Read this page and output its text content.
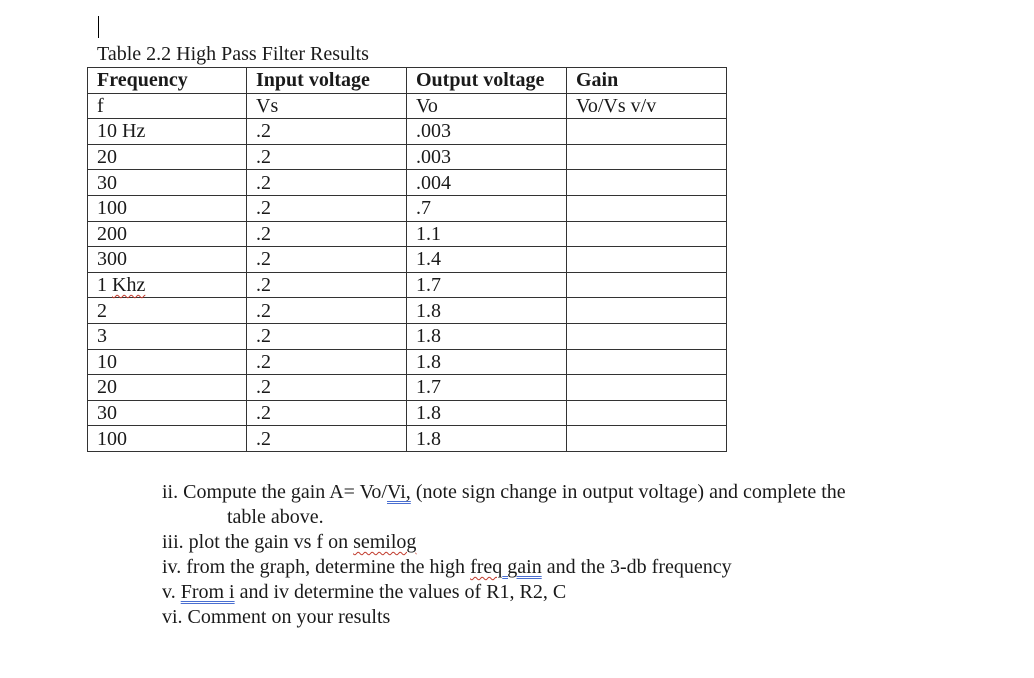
Table 2.2 High Pass Filter Results
Frequency	Input voltage	Output voltage	Gain
f	Vs	Vo	Vo/Vs v/v
10 Hz	.2	.003	
20	.2	.003	
30	.2	.004	
100	.2	.7	
200	.2	1.1	
300	.2	1.4	
1 Khz	.2	1.7	
2	.2	1.8	
3	.2	1.8	
10	.2	1.8	
20	.2	1.7	
30	.2	1.8	
100	.2	1.8	

ii. Compute the gain A= Vo/Vi, (note sign change in output voltage) and complete the

table above.

iii. plot the gain vs f on semilog

iv. from the graph, determine the high freq gain and the 3-db frequency

v. From i and iv determine the values of R1, R2, C

vi. Comment on your results
